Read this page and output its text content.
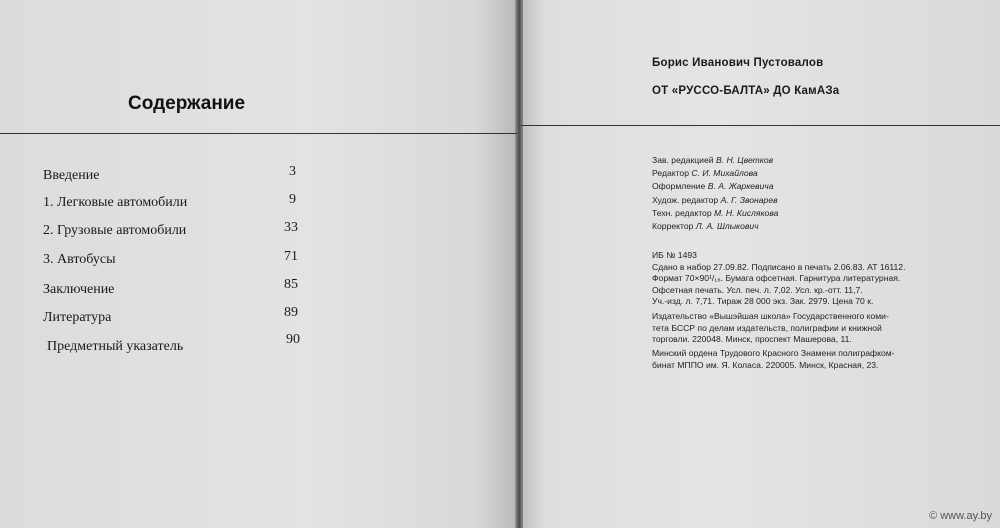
Содержание
Введение	3
1. Легковые автомобили	9
2. Грузовые автомобили	33
3. Автобусы	71
Заключение	85
Литература	89
Предметный указатель	90
Борис Иванович Пустовалов
ОТ «РУССО-БАЛТА» ДО КамАЗа
Зав. редакцией В. Н. Цветков
Редактор С. И. Михайлова
Оформление В. А. Жаркевича
Худож. редактор А. Г. Звонарев
Техн. редактор М. Н. Кислякова
Корректор Л. А. Шлыкович
ИБ № 1493
Сдано в набор 27.09.82. Подписано в печать 2.06.83. АТ 16112.
Формат 70×90¹/₁₆. Бумага офсетная. Гарнитура литературная.
Офсетная печать. Усл. печ. л. 7,02. Усл. кр.-отт. 11,7.
Уч.-изд. л. 7,71. Тираж 28 000 экз. Зак. 2979. Цена 70 к.
Издательство «Вышэйшая школа» Государственного коми-
тета БССР по делам издательств, полиграфии и книжной
торговли. 220048. Минск, проспект Машерова, 11.
Минский ордена Трудового Красного Знамени полиграфком-
бинат МППО им. Я. Коласа. 220005. Минск, Красная, 23.
© www.ay.by
